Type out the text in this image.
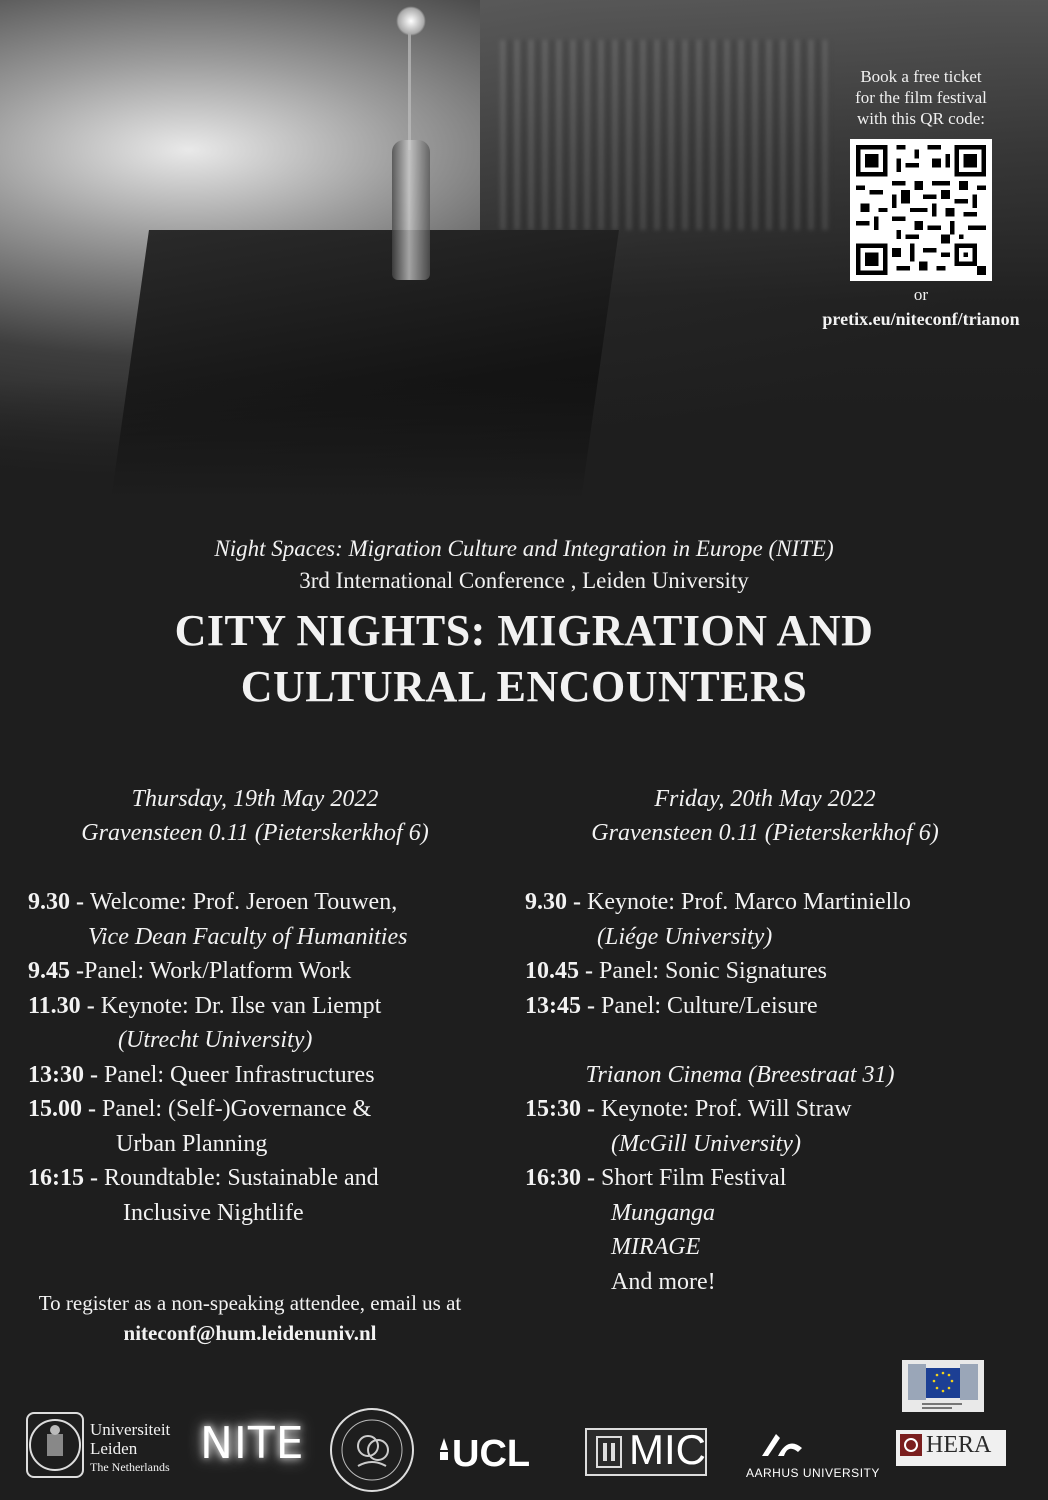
Book a free ticket
for the film festival
with this QR code:
or
pretix.eu/niteconf/trianon
Night Spaces: Migration Culture and Integration in Europe (NITE)
3rd International Conference , Leiden University
CITY NIGHTS: MIGRATION AND
CULTURAL ENCOUNTERS
Thursday, 19th May 2022
Gravensteen 0.11 (Pieterskerkhof 6)
9.30 - Welcome: Prof. Jeroen Touwen,
Vice Dean Faculty of Humanities
9.45 -Panel: Work/Platform Work
11.30 - Keynote: Dr. Ilse van Liempt
(Utrecht University)
13:30 - Panel: Queer Infrastructures
15.00 - Panel: (Self-)Governance &
Urban Planning
16:15 - Roundtable: Sustainable and
Inclusive Nightlife
Friday, 20th May 2022
Gravensteen 0.11 (Pieterskerkhof 6)
9.30 - Keynote: Prof. Marco Martiniello
(Liége University)
10.45 - Panel: Sonic Signatures
13:45 - Panel: Culture/Leisure
Trianon Cinema (Breestraat 31)
15:30 - Keynote: Prof. Will Straw
(McGill University)
16:30 - Short Film Festival
Munganga
MIRAGE
And more!
To register as a non-speaking attendee, email us at
niteconf@hum.leidenuniv.nl
Universiteit
Leiden
The Netherlands NITE	UCL MIC	AARHUS UNIVERSITY
HERA
